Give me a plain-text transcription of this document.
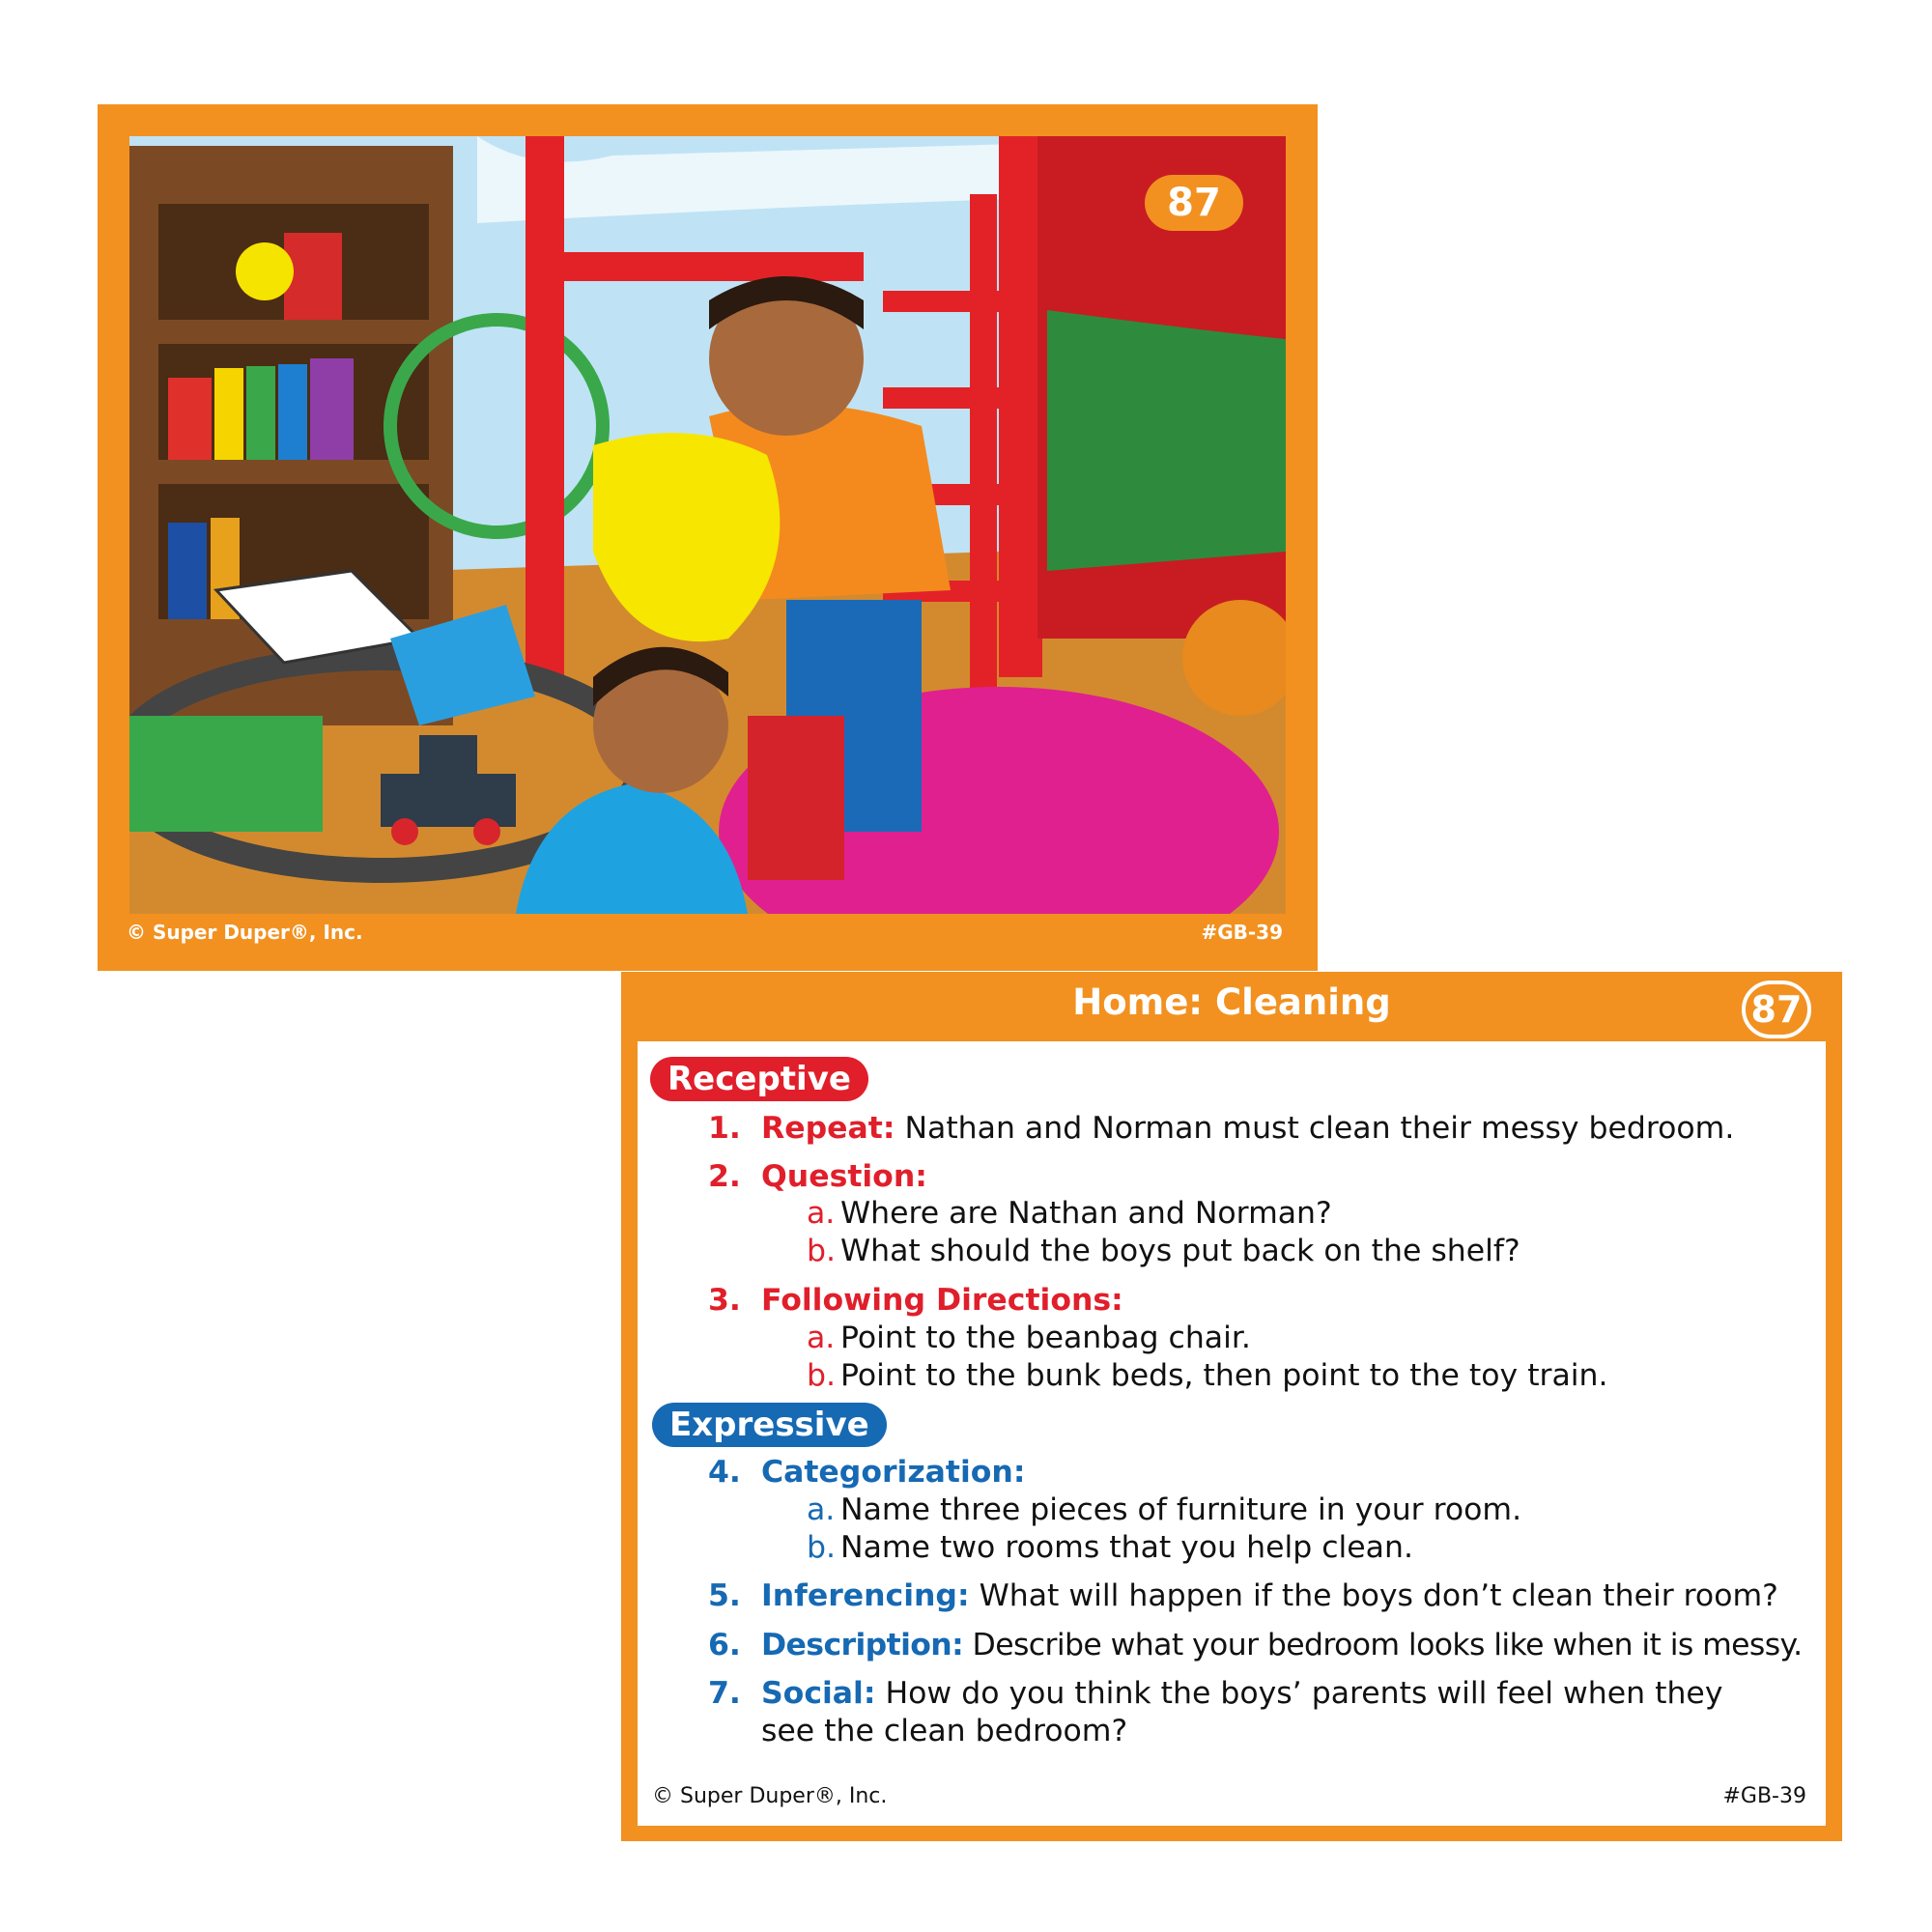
87
© Super Duper®, Inc.	#GB-39
Home: Cleaning	87
Receptive
1. Repeat: Nathan and Norman must clean their messy bedroom.
2. Question:
a. Where are Nathan and Norman?
b. What should the boys put back on the shelf?
3. Following Directions:
a. Point to the beanbag chair.
b. Point to the bunk beds, then point to the toy train.
Expressive
4. Categorization:
a. Name three pieces of furniture in your room.
b. Name two rooms that you help clean.
5. Inferencing: What will happen if the boys don’t clean their room?
6. Description: Describe what your bedroom looks like when it is messy.
7. Social: How do you think the boys’ parents will feel when they
see the clean bedroom?
© Super Duper®, Inc.	#GB-39
